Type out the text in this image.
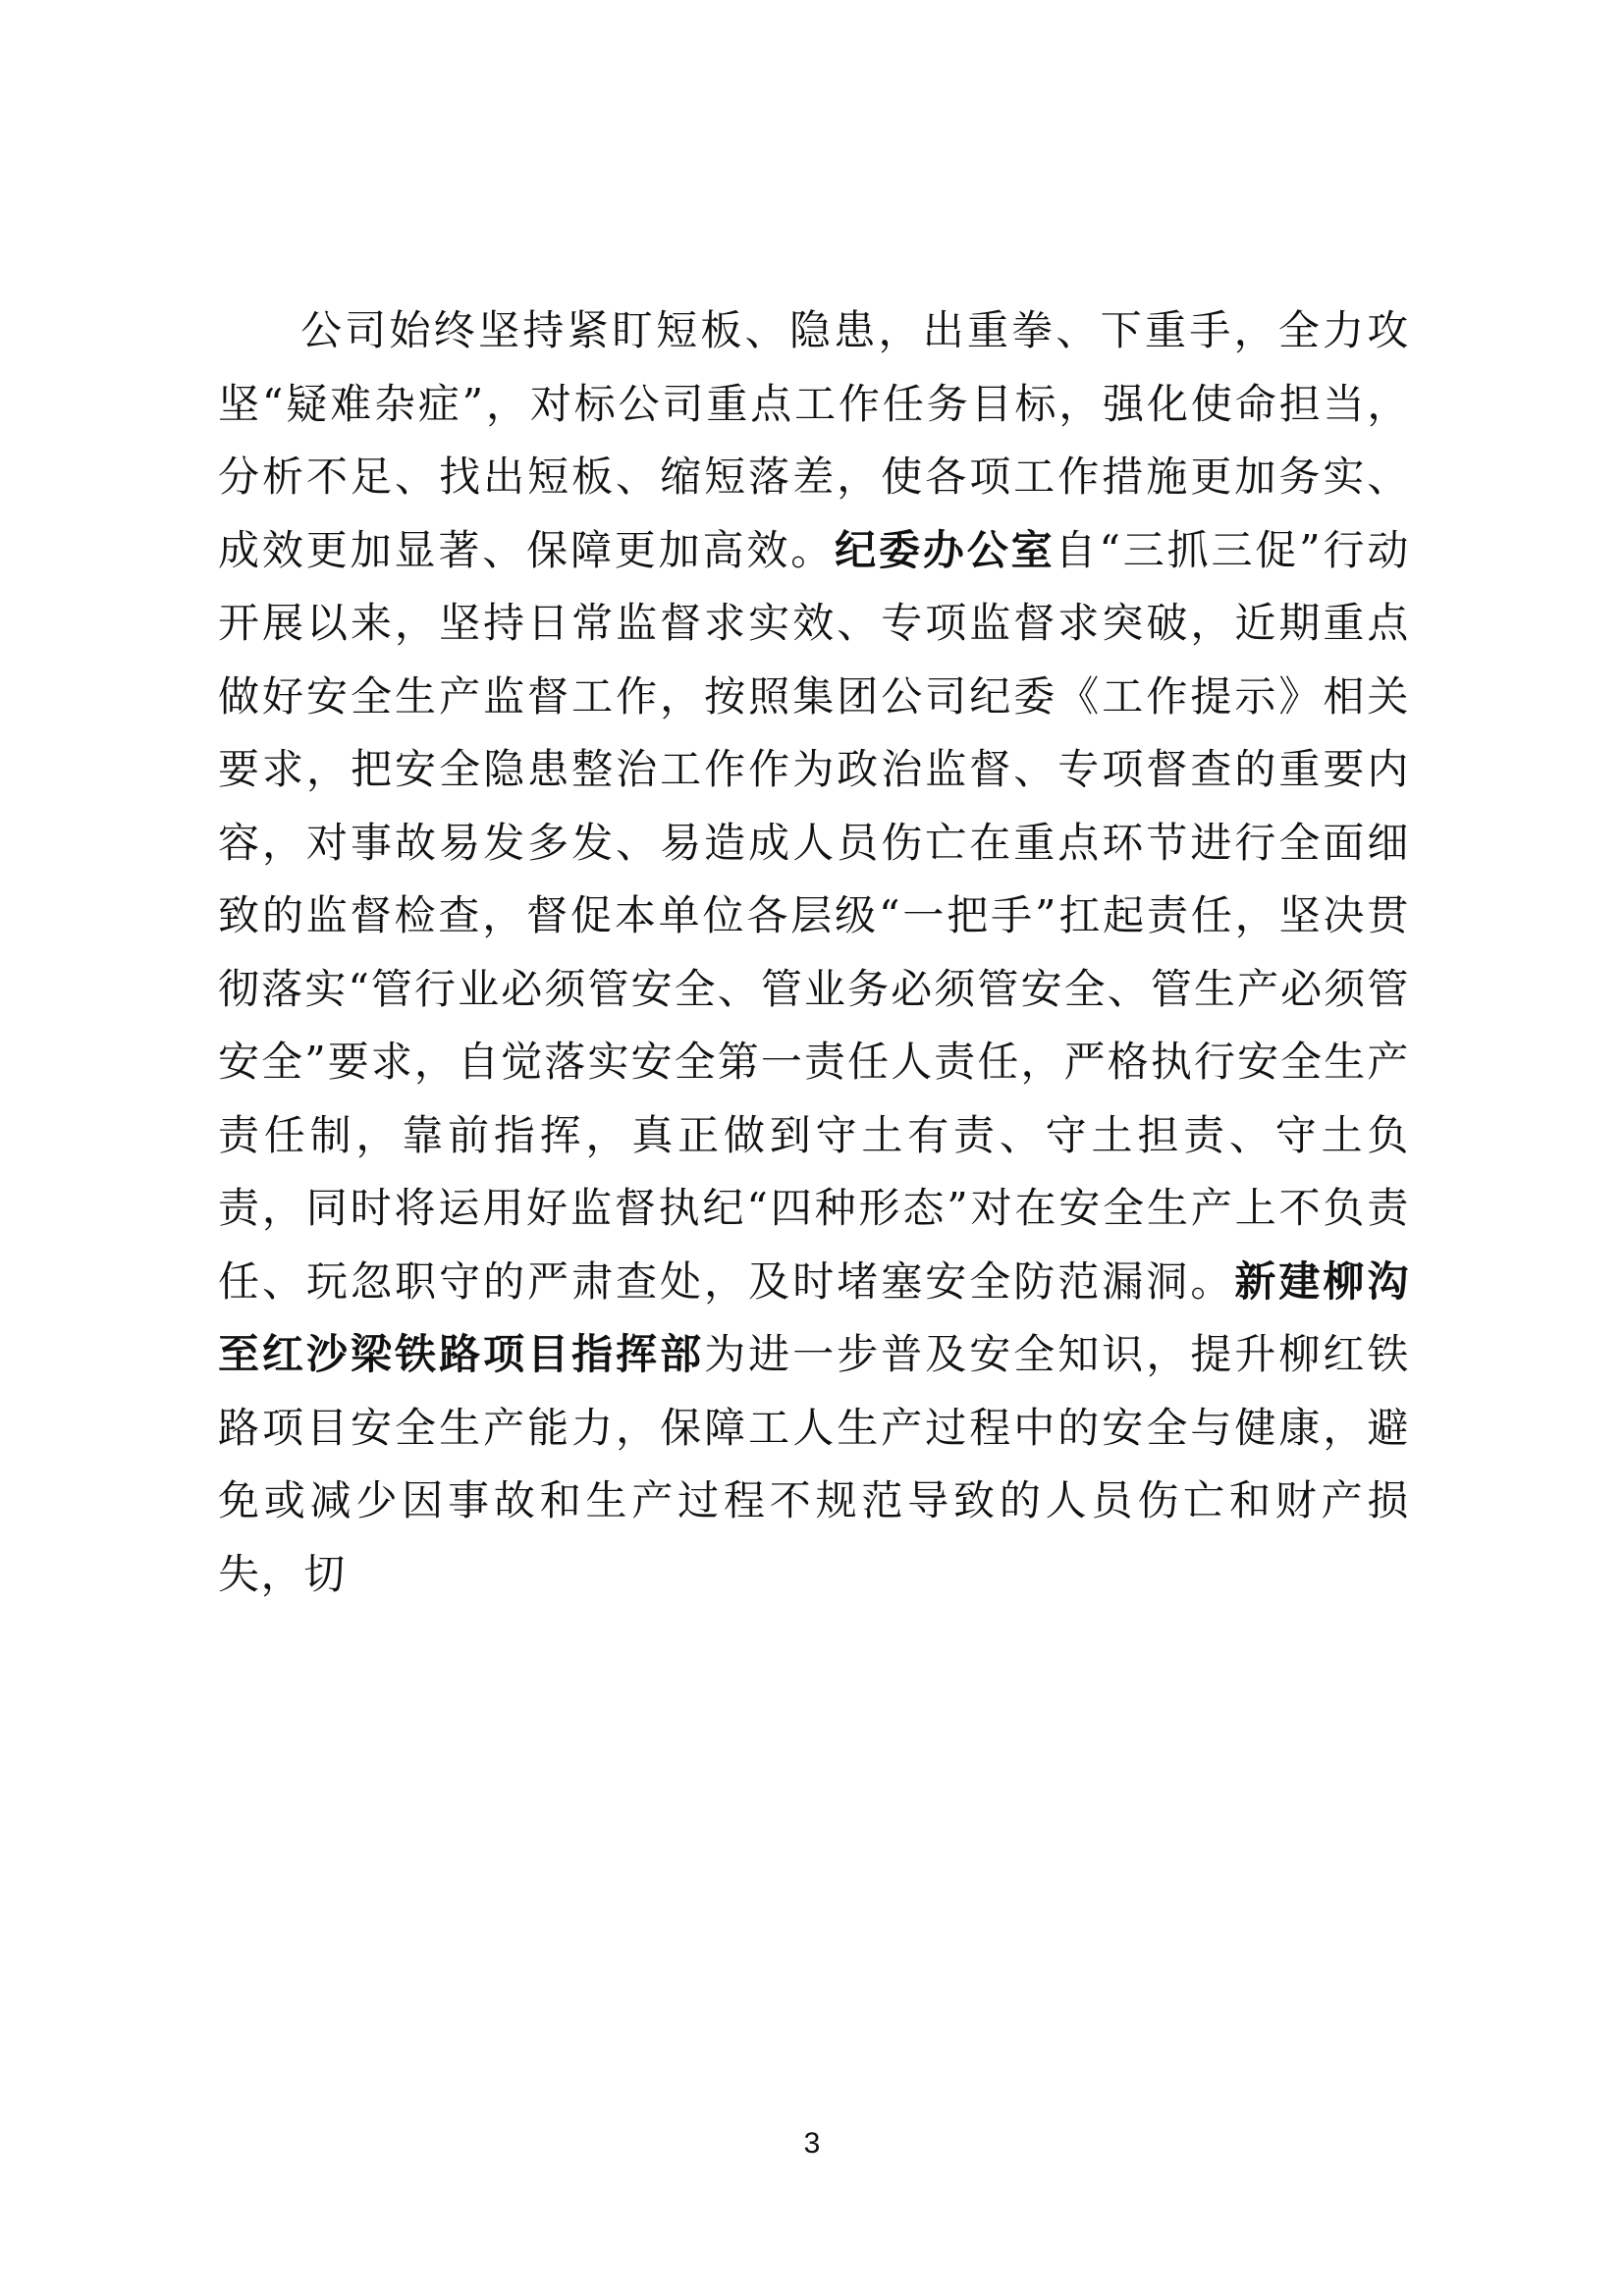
公司始终坚持紧盯短板、隐患，出重拳、下重手，全力攻坚“疑难杂症”，对标公司重点工作任务目标，强化使命担当，分析不足、找出短板、缩短落差，使各项工作措施更加务实、成效更加显著、保障更加高效。纪委办公室自“三抓三促”行动开展以来，坚持日常监督求实效、专项监督求突破，近期重点做好安全生产监督工作，按照集团公司纪委《工作提示》相关要求，把安全隐患整治工作作为政治监督、专项督查的重要内容，对事故易发多发、易造成人员伤亡在重点环节进行全面细致的监督检查，督促本单位各层级“一把手”扛起责任，坚决贯彻落实“管行业必须管安全、管业务必须管安全、管生产必须管安全”要求，自觉落实安全第一责任人责任，严格执行安全生产责任制，靠前指挥，真正做到守土有责、守土担责、守土负责，同时将运用好监督执纪“四种形态”对在安全生产上不负责任、玩忽职守的严肃查处，及时堵塞安全防范漏洞。新建柳沟至红沙梁铁路项目指挥部为进一步普及安全知识，提升柳红铁路项目安全生产能力，保障工人生产过程中的安全与健康，避免或减少因事故和生产过程不规范导致的人员伤亡和财产损失，切

3
